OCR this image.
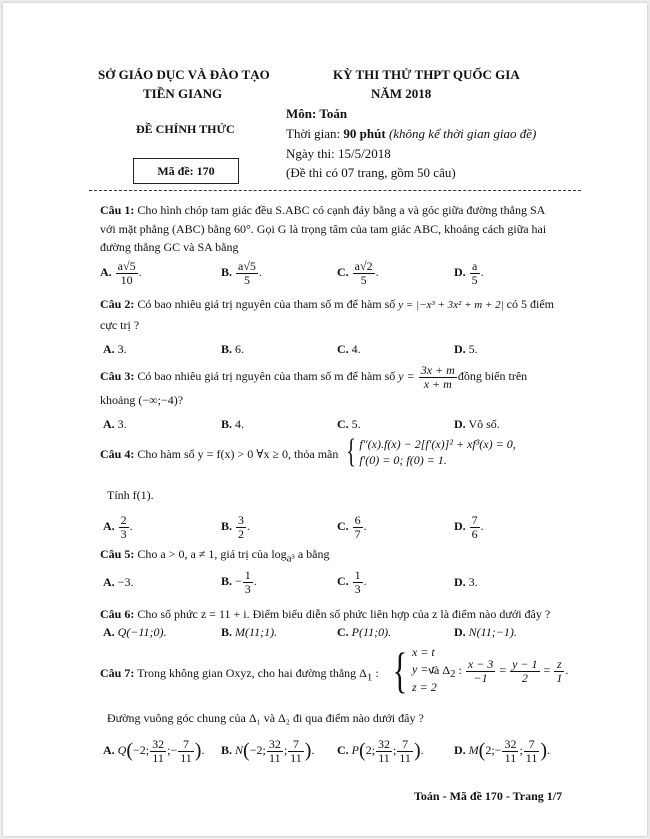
SỞ GIÁO DỤC VÀ ĐÀO TẠO
TIỀN GIANG
ĐỀ CHÍNH THỨC
Mã đề: 170
KỲ THI THỬ THPT QUỐC GIA
NĂM 2018
Môn: Toán
Thời gian: 90 phút (không kể thời gian giao đề)
Ngày thi: 15/5/2018
(Đề thi có 07 trang, gồm 50 câu)
Câu 1: Cho hình chóp tam giác đều S.ABC có cạnh đáy bằng a và góc giữa đường thẳng SA
với mặt phẳng (ABC) bằng 60°. Gọi G là trọng tâm của tam giác ABC, khoảng cách giữa hai
đường thẳng GC và SA bằng
A. $\frac{a√5}{10}$ .	B. $\frac{a√5}{5}$ .	C. $\frac{a√2}{5}$ .	D. $\frac{a}{5}$ .
Câu 2: Có bao nhiêu giá trị nguyên của tham số m để hàm số y = |−x³ + 3x² + m + 2| có 5 điểm
cực trị ?
A. 3.	B. 6.	C. 4.	D. 5.
Câu 3: Có bao nhiêu giá trị nguyên của tham số m để hàm số $y = \frac{3x + m}{x + m}$ đồng biến trên
khoảng (−∞;−4)?
A. 3.	B. 4.	C. 5.	D. Vô số.
Câu 4: Cho hàm số y = f(x) > 0 ∀x ≥ 0, thỏa mãn { f″(x).f(x) − 2[f′(x)]² + xf³(x) = 0,
f′(0) = 0; f(0) = 1.
Tính f(1).
A. $\frac{2}{3}$ .	B. $\frac{3}{2}$ .	C. $\frac{6}{7}$ .	D. $\frac{7}{6}$ .
Câu 5: Cho a > 0, a ≠ 1, giá trị của $\log_{a^3} a$ bằng
A. −3.	B. − $\frac{1}{3}$ .	C. $\frac{1}{3}$ .	D. 3.
Câu 6: Cho số phức z = 11 + i. Điểm biểu diễn số phức liên hợp của z là điểm nào dưới đây ?
A. Q(−11;0).	B. M(11;1).	C. P(11;0).	D. N(11;−1).
Câu 7: Trong không gian Oxyz, cho hai đường thẳng $\Delta_1$ : { x = t
y = t
z = 2
và $\Delta_2$ : $\frac{x - 3}{-1} = \frac{y - 1}{2} = \frac{z}{1}$ .
Đường vuông góc chung của Δ₁ và Δ₂ đi qua điểm nào dưới đây ?
A. Q(−2; $\frac{32}{11}$ ;− $\frac{7}{11}$ ). B. N(−2; $\frac{32}{11}$ ; $\frac{7}{11}$ ). C. P(2; $\frac{32}{11}$ ; $\frac{7}{11}$ ).	D. M(2;− $\frac{32}{11}$ ; $\frac{7}{11}$ ).
Toán - Mã đề 170 - Trang 1/7
